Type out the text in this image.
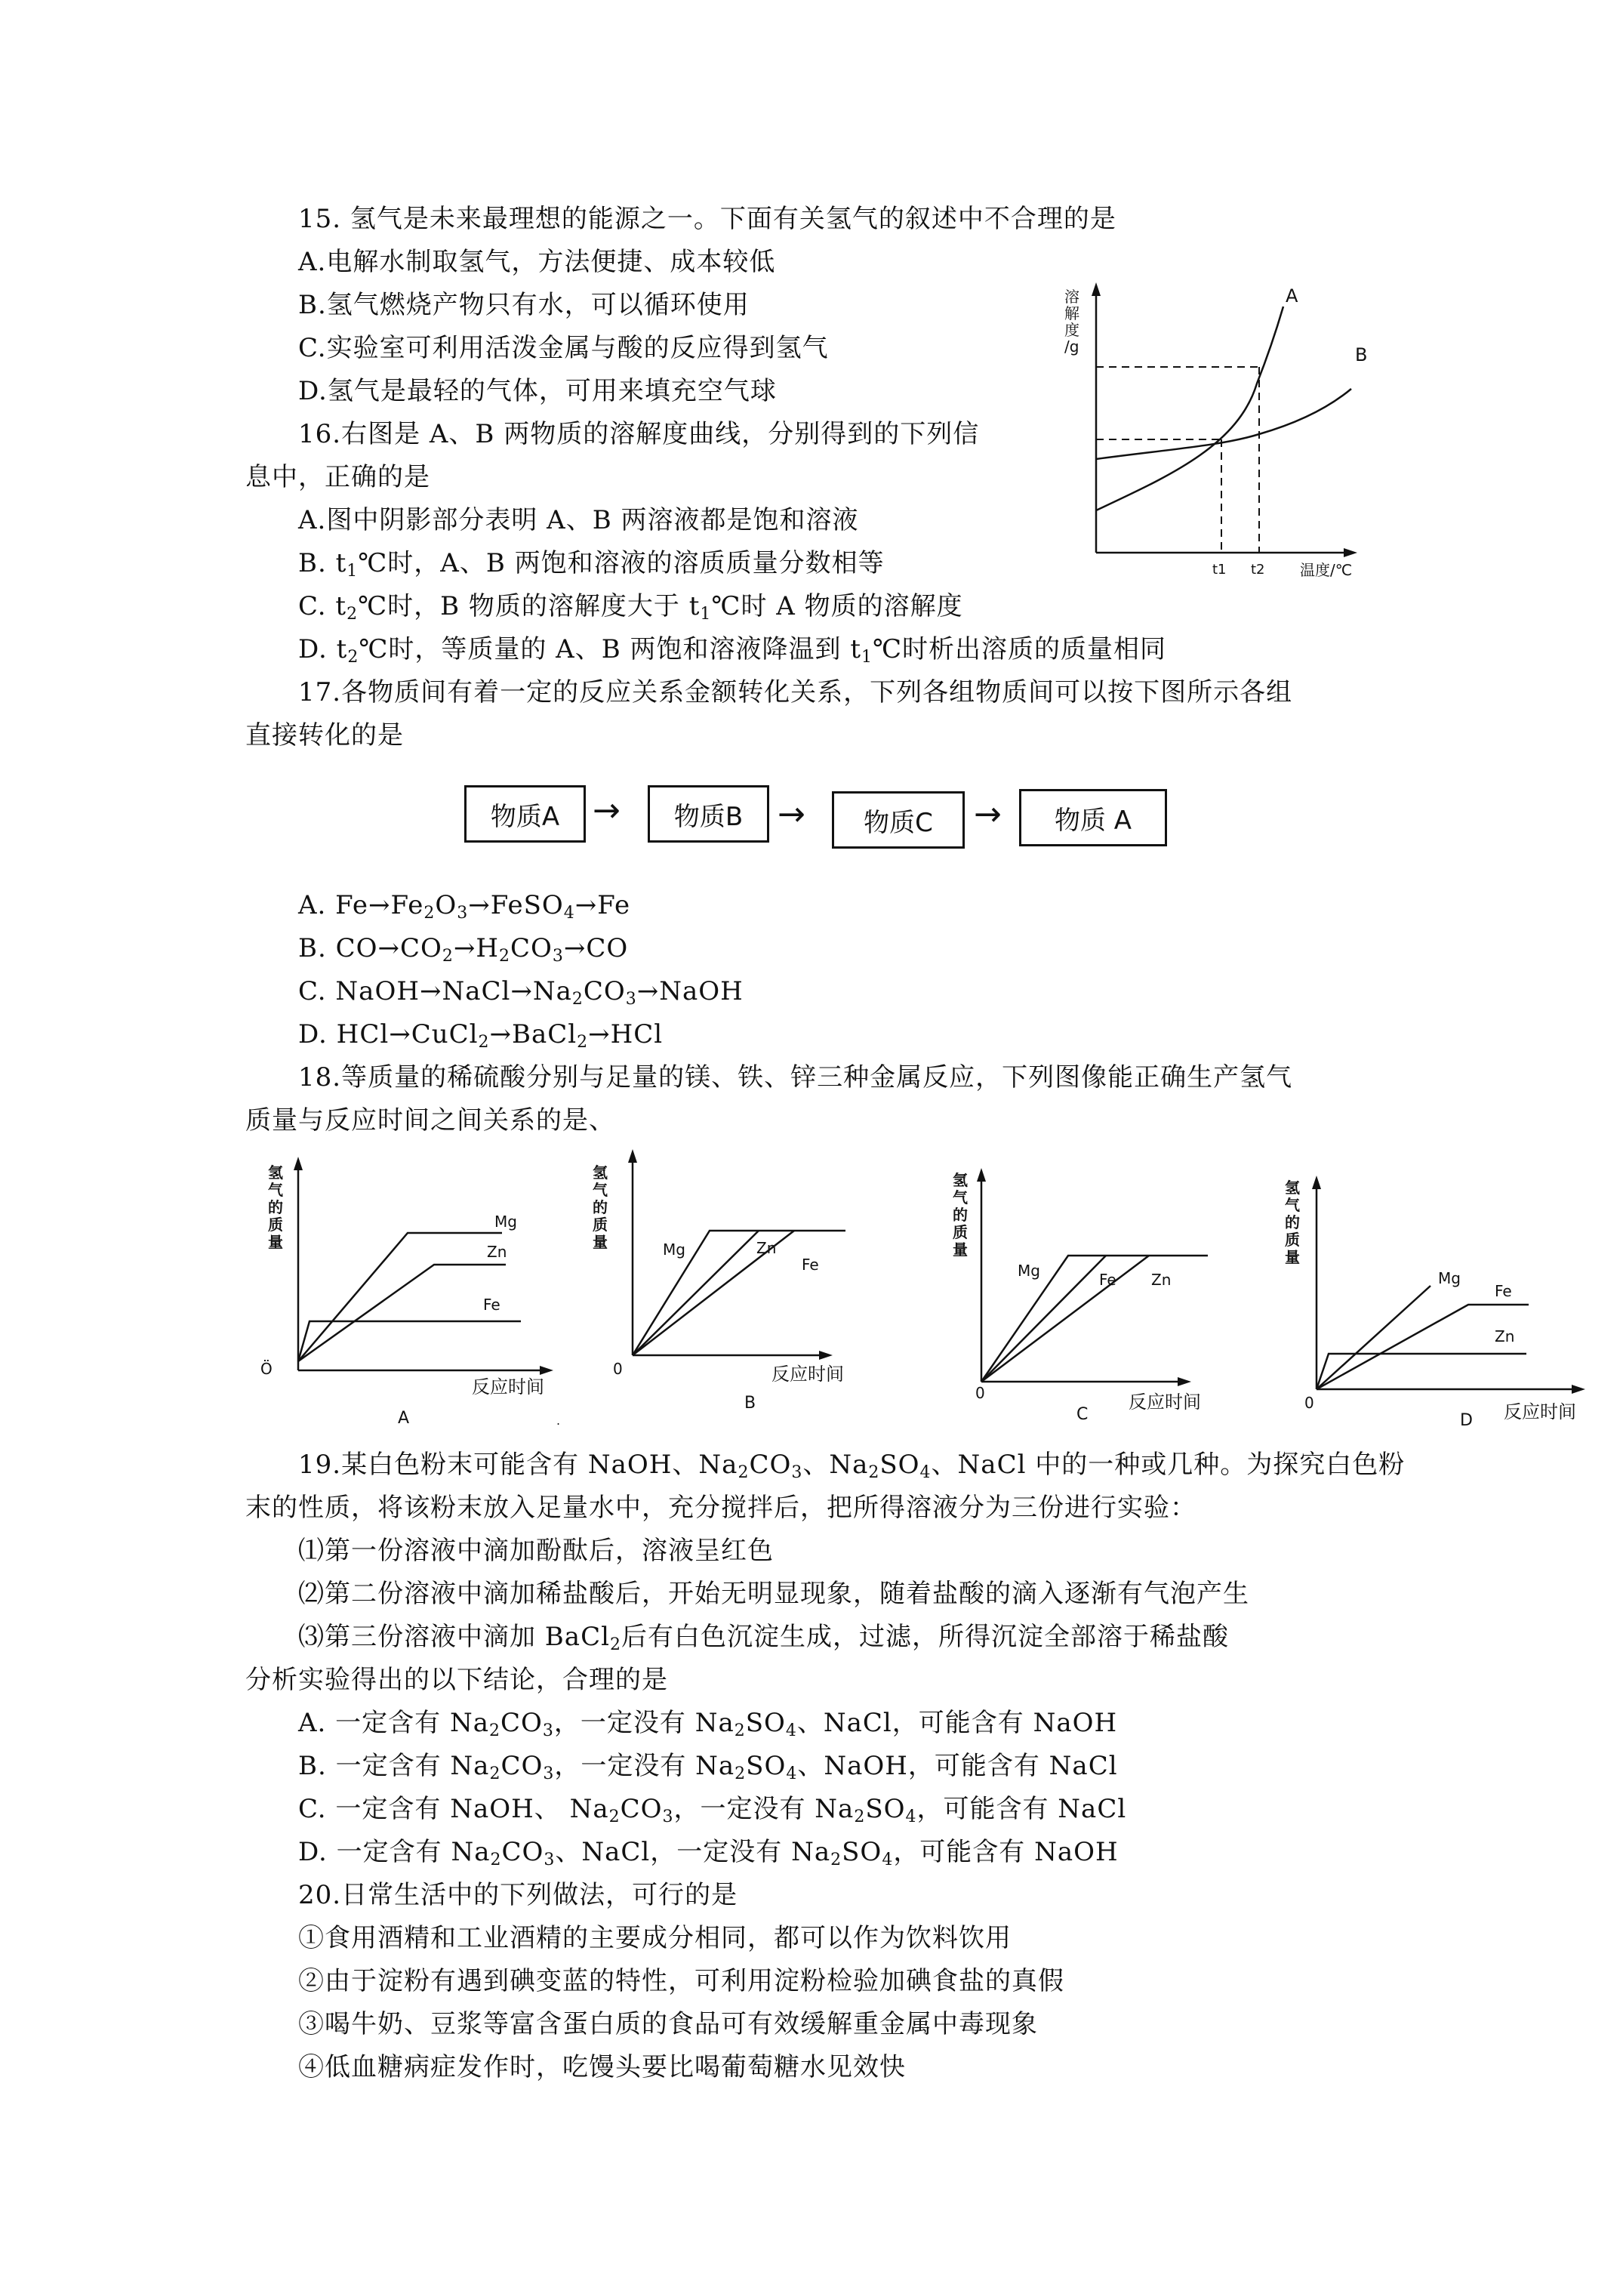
15. 氢气是未来最理想的能源之一。下面有关氢气的叙述中不合理的是
A.电解水制取氢气，方法便捷、成本较低
B.氢气燃烧产物只有水，可以循环使用
C.实验室可利用活泼金属与酸的反应得到氢气
D.氢气是最轻的气体，可用来填充空气球
溶
解
度
/g
A
B
t1 t2 温度/℃
16.右图是 A、B 两物质的溶解度曲线，分别得到的下列信
息中，正确的是
A.图中阴影部分表明 A、B 两溶液都是饱和溶液
B. $t_1℃$时，A、B 两饱和溶液的溶质质量分数相等
C. $t_2℃$时，B 物质的溶解度大于 $t_1℃$时 A 物质的溶解度
D. $t_2℃$时，等质量的 A、B 两饱和溶液降温到 $t_1℃$时析出溶质的质量相同
17.各物质间有着一定的反应关系金额转化关系，下列各组物质间可以按下图所示各组
直接转化的是
物质A →	物质B	→	物质C	→	物质 A
A. $Fe\to Fe_2O_3\to FeSO_4\to Fe$
B. $CO\to CO_2\to H_2CO_3\to CO$
C. $NaOH\to NaCl\to Na_2CO_3\to NaOH$
D. HCl→CuCl$_2$→BaCl$_2$→HCl
18.等质量的稀硫酸分别与足量的镁、铁、锌三种金属反应，下列图像能正确生产氢气
质量与反应时间之间关系的是、
氢
气
的
质
量
Mg
Zn
Fe
Ö
反应时间
A	.
氢
气
的
质
量	Mg	Zn
Fe
0	反应时间
B
氢
气
的
质
量
Mg	Fe Zn
0	反应时间
C
氢
气
的
质
量
Mg
Fe
Zn
0	反应时间
D
19.某白色粉末可能含有 NaOH、$Na_2CO_3$、$Na_2SO_4$、NaCl 中的一种或几种。为探究白色粉
末的性质，将该粉末放入足量水中，充分搅拌后，把所得溶液分为三份进行实验：
⑴第一份溶液中滴加酚酞后，溶液呈红色
⑵第二份溶液中滴加稀盐酸后，开始无明显现象，随着盐酸的滴入逐渐有气泡产生
⑶第三份溶液中滴加 BaCl$_2$后有白色沉淀生成，过滤，所得沉淀全部溶于稀盐酸
分析实验得出的以下结论，合理的是
A. 一定含有 $Na_2CO_3$，一定没有 $Na_2SO_4$、NaCl，可能含有 NaOH
B. 一定含有 $Na_2CO_3$，一定没有 $Na_2SO_4$、NaOH，可能含有 NaCl
C. 一定含有 NaOH、 $Na_2CO_3$，一定没有 $Na_2SO_4$，可能含有 NaCl
D. 一定含有 $Na_2CO_3$、NaCl，一定没有 $Na_2SO_4$，可能含有 NaOH
20.日常生活中的下列做法，可行的是
①食用酒精和工业酒精的主要成分相同，都可以作为饮料饮用
②由于淀粉有遇到碘变蓝的特性，可利用淀粉检验加碘食盐的真假
③喝牛奶、豆浆等富含蛋白质的食品可有效缓解重金属中毒现象
④低血糖病症发作时，吃馒头要比喝葡萄糖水见效快
